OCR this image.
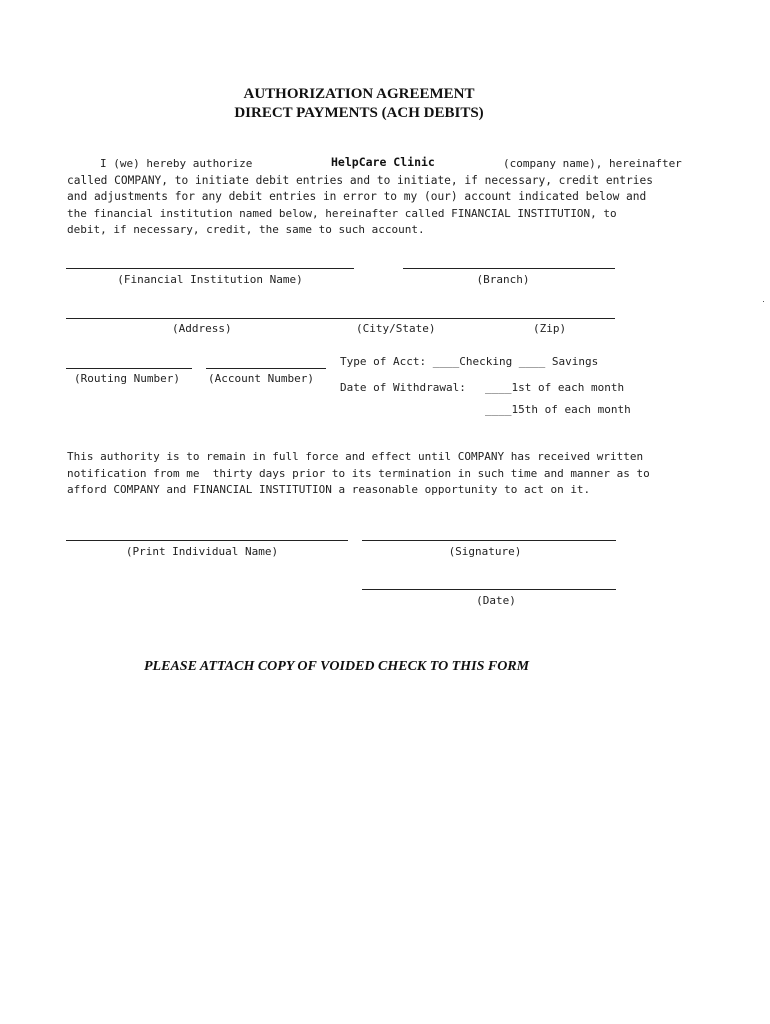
AUTHORIZATION AGREEMENT
DIRECT PAYMENTS (ACH DEBITS)
I (we) hereby authorize	HelpCare Clinic	(company name), hereinafter
called COMPANY, to initiate debit entries and to initiate, if necessary, credit entries
and adjustments for any debit entries in error to my (our) account indicated below and
the financial institution named below, hereinafter called FINANCIAL INSTITUTION, to
debit, if necessary, credit, the same to such account.
(Financial Institution Name)	(Branch)
(Address)	(City/State)	(Zip)
Type of Acct: ____Checking ____ Savings
(Routing Number)	(Account Number)
Date of Withdrawal: ____1st of each month
____15th of each month
This authority is to remain in full force and effect until COMPANY has received written
notification from me  thirty days prior to its termination in such time and manner as to
afford COMPANY and FINANCIAL INSTITUTION a reasonable opportunity to act on it.
(Print Individual Name)	(Signature)
(Date)
PLEASE ATTACH COPY OF VOIDED CHECK TO THIS FORM
